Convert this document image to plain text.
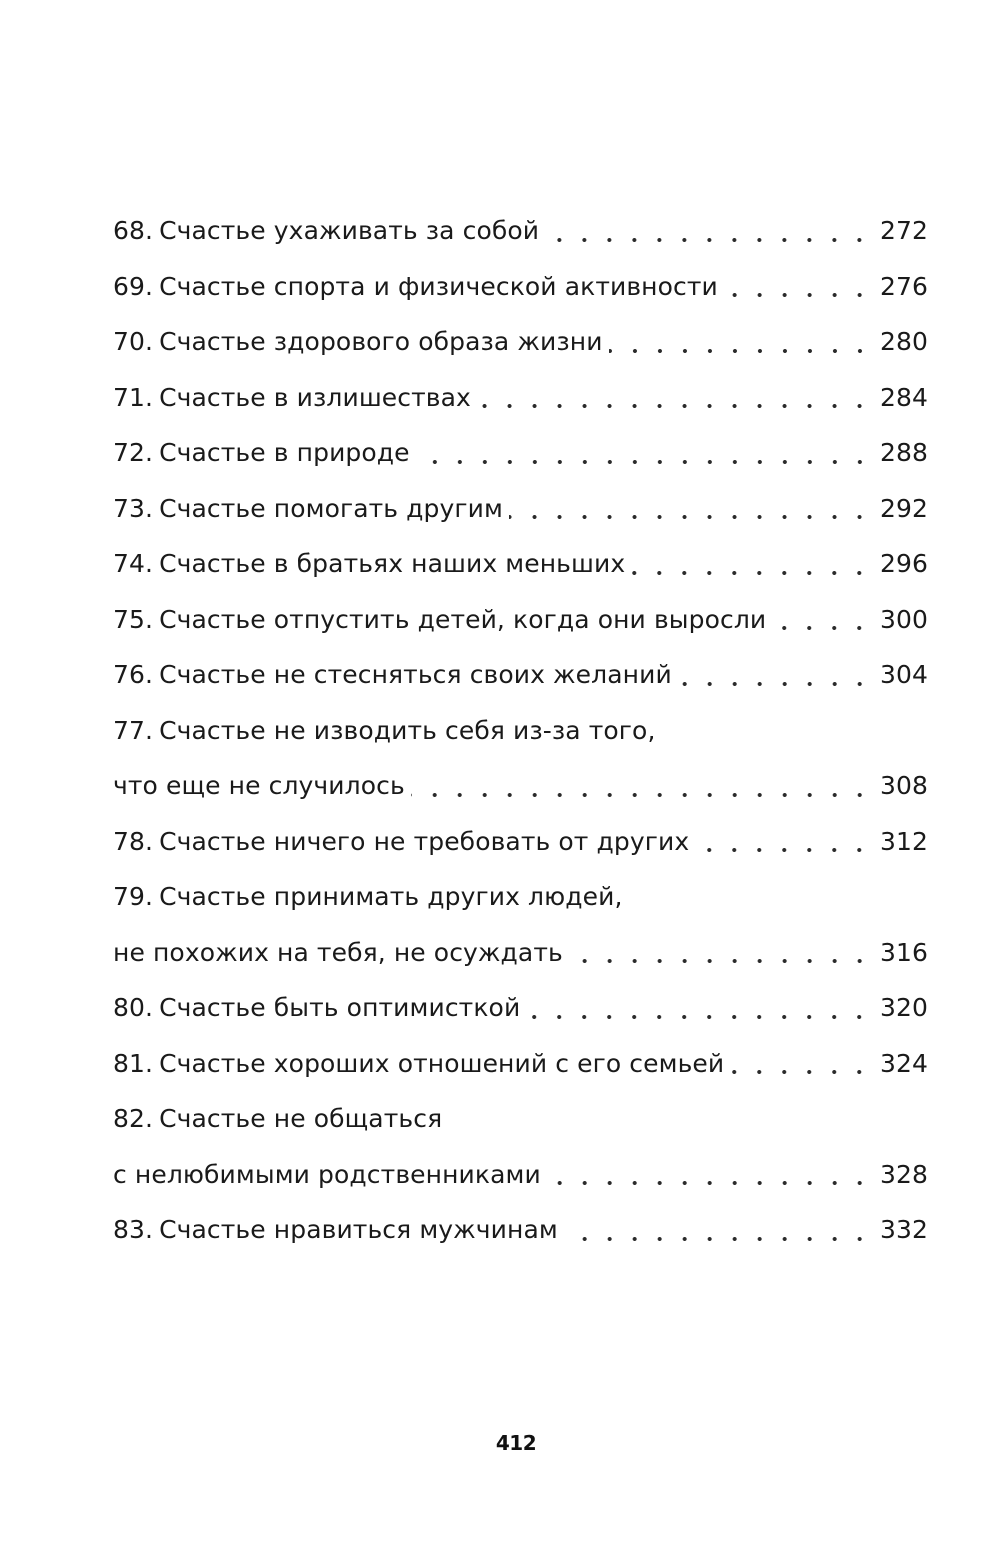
68. Счастье ухаживать за собой	272
69. Счастье спорта и физической активности	276
70. Счастье здорового образа жизни	280
71. Счастье в излишествах	284
72. Счастье в природе	288
73. Счастье помогать другим	292
74. Счастье в братьях наших меньших	296
75. Счастье отпустить детей, когда они выросли	300
76. Счастье не стесняться своих желаний	304
77. Счастье не изводить себя из-за того,
что еще не случилось	308
78. Счастье ничего не требовать от других	312
79. Счастье принимать других людей,
не похожих на тебя, не осуждать	316
80. Счастье быть оптимисткой	320
81. Счастье хороших отношений с его семьей	324
82. Счастье не общаться
с нелюбимыми родственниками	328
83. Счастье нравиться мужчинам	332
412
